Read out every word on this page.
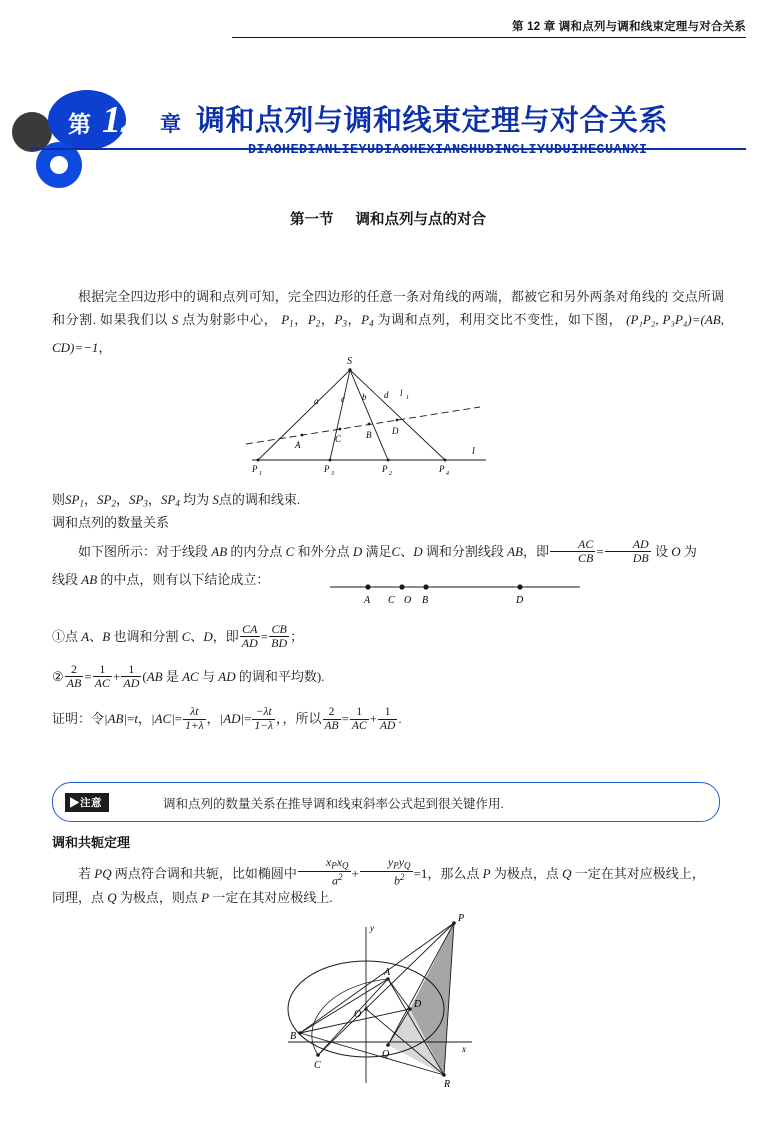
第 12 章 调和点列与调和线束定理与对合关系
第 12 章 调和点列与调和线束定理与对合关系
DIAOHEDIANLIEYUDIAOHEXIANSHUDINGLIYUDUIHEGUANXI
第一节 调和点列与点的对合
根据完全四边形中的调和点列可知，完全四边形的任意一条对角线的两端，都被它和另外两条对角线的 交点所调和分割. 如果我们以 S 点为射影中心， $P_1$，$P_2$，$P_3$，$P_4$ 为调和点列，利用交比不变性，如下图， (P₁P₂, P₃P₄)=(AB, CD)=−1，
S
A
C	B D
a	c b d l 1
l
P 1	P 3	P 2	P 4
则$SP_1$，$SP_2$，$SP_3$，$SP_4$ 均为 S点的调和线束.
调和点列的数量关系
如下图所示：对于线段 AB 的内分点 C 和外分点 D 满足C、D 调和分割线段 AB，即 $\frac{AC}{CB} = \frac{AD}{DB}$ 设 O 为
线段 AB 的中点，则有以下结论成立：
A C	B	D
O
①点 A、B 也调和分割 C、D，即 $\frac{CA}{AD} = \frac{CB}{BD}$ ；
② $\frac{2}{AB} = \frac{1}{AC} + \frac{1}{AD} (AB$ 是 AC 与 AD 的调和平均数).
证明：令|AB|=t，$|AC|= \frac{\lambda t}{1+\lambda}$ ，$|AD|= \frac{-\lambda t}{1-\lambda}$ ，，所以 $\frac{2}{AB} = \frac{1}{AC} + \frac{1}{AD}$ .
▶注意	调和点列的数量关系在推导调和线束斜率公式起到很关键作用.
调和共轭定理
若 PQ 两点符合调和共轭，比如椭圆中 $\frac{x_Px_Q}{a^2} + \frac{y_Py_Q}{b^2} =1$，那么点 P 为极点，点 Q 一定在其对应极线上，
同理，点 Q 为极点，则点 P 一定在其对应极线上.
y
x
P
A
B
C
R
D
Q
O
